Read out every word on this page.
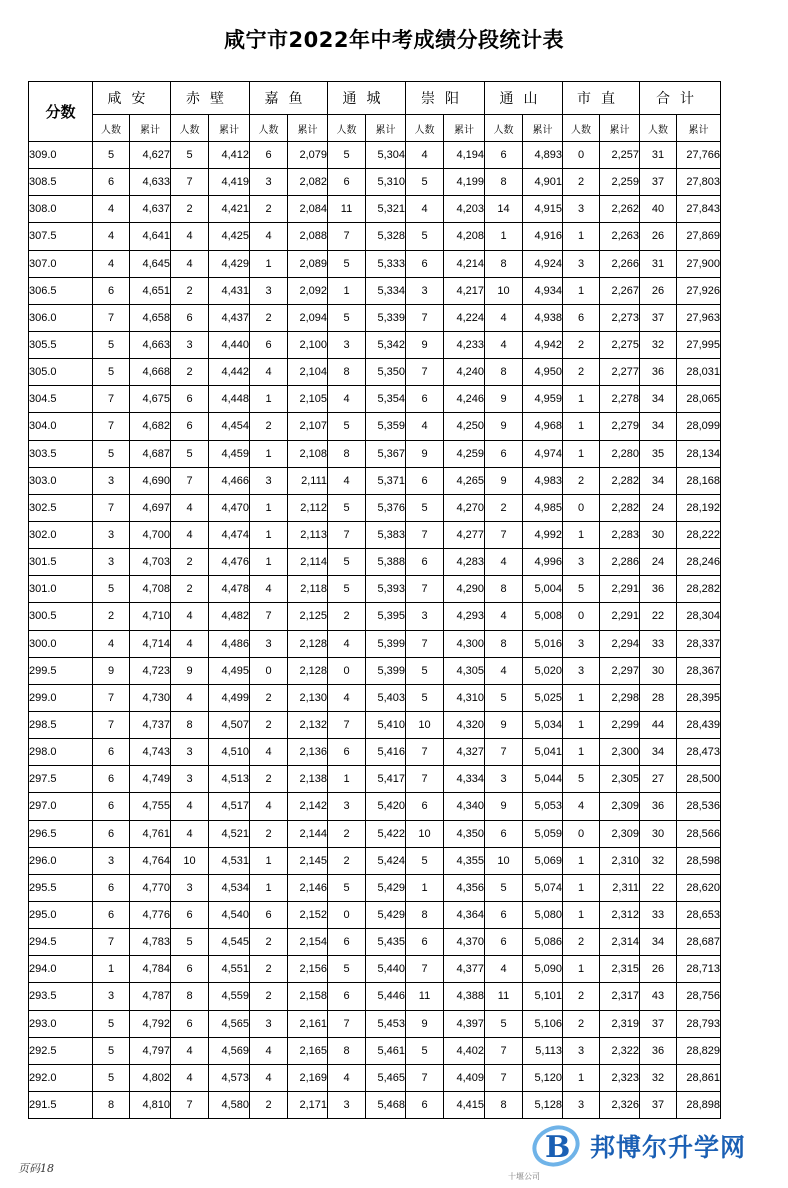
咸宁市2022年中考成绩分段统计表
分数	咸安		赤壁		嘉鱼		通城		崇阳		通山		市直		合计	
	人数	累计	人数	累计	人数	累计	人数	累计	人数	累计	人数	累计	人数	累计	人数	累计
309.0	5	4,627	5	4,412	6	2,079	5	5,304	4	4,194	6	4,893	0	2,257	31	27,766
308.5	6	4,633	7	4,419	3	2,082	6	5,310	5	4,199	8	4,901	2	2,259	37	27,803
308.0	4	4,637	2	4,421	2	2,084	11	5,321	4	4,203	14	4,915	3	2,262	40	27,843
307.5	4	4,641	4	4,425	4	2,088	7	5,328	5	4,208	1	4,916	1	2,263	26	27,869
307.0	4	4,645	4	4,429	1	2,089	5	5,333	6	4,214	8	4,924	3	2,266	31	27,900
306.5	6	4,651	2	4,431	3	2,092	1	5,334	3	4,217	10	4,934	1	2,267	26	27,926
306.0	7	4,658	6	4,437	2	2,094	5	5,339	7	4,224	4	4,938	6	2,273	37	27,963
305.5	5	4,663	3	4,440	6	2,100	3	5,342	9	4,233	4	4,942	2	2,275	32	27,995
305.0	5	4,668	2	4,442	4	2,104	8	5,350	7	4,240	8	4,950	2	2,277	36	28,031
304.5	7	4,675	6	4,448	1	2,105	4	5,354	6	4,246	9	4,959	1	2,278	34	28,065
304.0	7	4,682	6	4,454	2	2,107	5	5,359	4	4,250	9	4,968	1	2,279	34	28,099
303.5	5	4,687	5	4,459	1	2,108	8	5,367	9	4,259	6	4,974	1	2,280	35	28,134
303.0	3	4,690	7	4,466	3	2,111	4	5,371	6	4,265	9	4,983	2	2,282	34	28,168
302.5	7	4,697	4	4,470	1	2,112	5	5,376	5	4,270	2	4,985	0	2,282	24	28,192
302.0	3	4,700	4	4,474	1	2,113	7	5,383	7	4,277	7	4,992	1	2,283	30	28,222
301.5	3	4,703	2	4,476	1	2,114	5	5,388	6	4,283	4	4,996	3	2,286	24	28,246
301.0	5	4,708	2	4,478	4	2,118	5	5,393	7	4,290	8	5,004	5	2,291	36	28,282
300.5	2	4,710	4	4,482	7	2,125	2	5,395	3	4,293	4	5,008	0	2,291	22	28,304
300.0	4	4,714	4	4,486	3	2,128	4	5,399	7	4,300	8	5,016	3	2,294	33	28,337
299.5	9	4,723	9	4,495	0	2,128	0	5,399	5	4,305	4	5,020	3	2,297	30	28,367
299.0	7	4,730	4	4,499	2	2,130	4	5,403	5	4,310	5	5,025	1	2,298	28	28,395
298.5	7	4,737	8	4,507	2	2,132	7	5,410	10	4,320	9	5,034	1	2,299	44	28,439
298.0	6	4,743	3	4,510	4	2,136	6	5,416	7	4,327	7	5,041	1	2,300	34	28,473
297.5	6	4,749	3	4,513	2	2,138	1	5,417	7	4,334	3	5,044	5	2,305	27	28,500
297.0	6	4,755	4	4,517	4	2,142	3	5,420	6	4,340	9	5,053	4	2,309	36	28,536
296.5	6	4,761	4	4,521	2	2,144	2	5,422	10	4,350	6	5,059	0	2,309	30	28,566
296.0	3	4,764	10	4,531	1	2,145	2	5,424	5	4,355	10	5,069	1	2,310	32	28,598
295.5	6	4,770	3	4,534	1	2,146	5	5,429	1	4,356	5	5,074	1	2,311	22	28,620
295.0	6	4,776	6	4,540	6	2,152	0	5,429	8	4,364	6	5,080	1	2,312	33	28,653
294.5	7	4,783	5	4,545	2	2,154	6	5,435	6	4,370	6	5,086	2	2,314	34	28,687
294.0	1	4,784	6	4,551	2	2,156	5	5,440	7	4,377	4	5,090	1	2,315	26	28,713
293.5	3	4,787	8	4,559	2	2,158	6	5,446	11	4,388	11	5,101	2	2,317	43	28,756
293.0	5	4,792	6	4,565	3	2,161	7	5,453	9	4,397	5	5,106	2	2,319	37	28,793
292.5	5	4,797	4	4,569	4	2,165	8	5,461	5	4,402	7	5,113	3	2,322	36	28,829
292.0	5	4,802	4	4,573	4	2,169	4	5,465	7	4,409	7	5,120	1	2,323	32	28,861
291.5	8	4,810	7	4,580	2	2,171	3	5,468	6	4,415	8	5,128	3	2,326	37	28,898
页码18
十堰公司
B 邦博尔升学网
